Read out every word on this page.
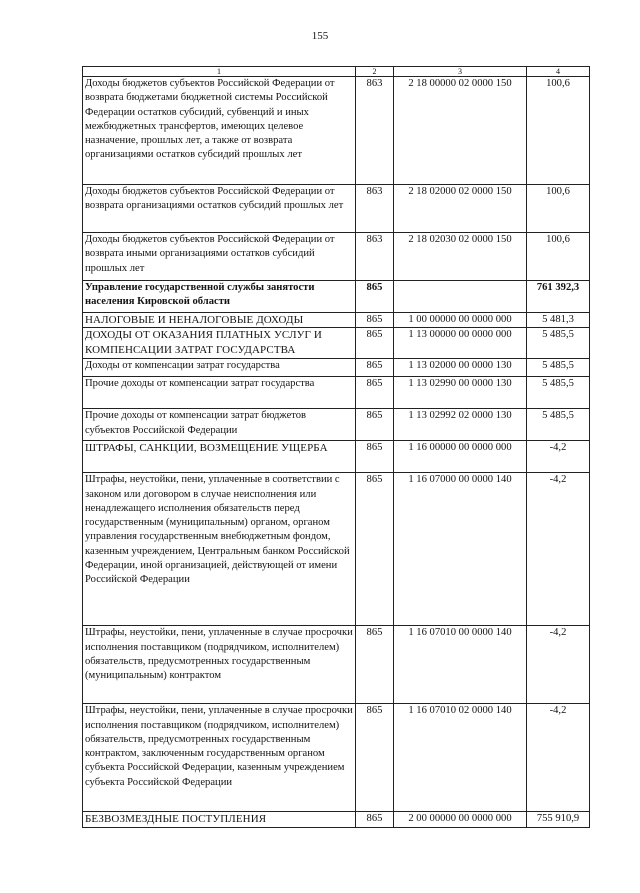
155
1	2	3	4
Доходы бюджетов субъектов Российской Федерации от возврата бюджетами бюджетной системы Российской Федерации остатков субсидий, субвенций и иных межбюджетных трансфертов, имеющих целевое назначение, прошлых лет, а также от возврата организациями остатков субсидий прошлых лет	863	2 18 00000 02 0000 150	100,6
Доходы бюджетов субъектов Российской Федерации от возврата организациями остатков субсидий прошлых лет	863	2 18 02000 02 0000 150	100,6
Доходы бюджетов субъектов Российской Федерации от возврата иными организациями остатков субсидий прошлых лет	863	2 18 02030 02 0000 150	100,6
Управление государственной службы занятости населения Кировской области	865		761 392,3
НАЛОГОВЫЕ И НЕНАЛОГОВЫЕ ДОХОДЫ	865	1 00 00000 00 0000 000	5 481,3
ДОХОДЫ ОТ ОКАЗАНИЯ ПЛАТНЫХ УСЛУГ И КОМПЕНСАЦИИ ЗАТРАТ ГОСУДАРСТВА	865	1 13 00000 00 0000 000	5 485,5
Доходы от компенсации затрат государства	865	1 13 02000 00 0000 130	5 485,5
Прочие доходы от компенсации затрат государства	865	1 13 02990 00 0000 130	5 485,5
Прочие доходы от компенсации затрат бюджетов субъектов Российской Федерации	865	1 13 02992 02 0000 130	5 485,5
ШТРАФЫ, САНКЦИИ, ВОЗМЕЩЕНИЕ УЩЕРБА	865	1 16 00000 00 0000 000	-4,2
Штрафы, неустойки, пени, уплаченные в соответствии с законом или договором в случае неисполнения или ненадлежащего исполнения обязательств перед государственным (муниципальным) органом, органом управления государственным внебюджетным фондом, казенным учреждением, Центральным банком Российской Федерации, иной организацией, действующей от имени Российской Федерации	865	1 16 07000 00 0000 140	-4,2
Штрафы, неустойки, пени, уплаченные в случае просрочки исполнения поставщиком (подрядчиком, исполнителем) обязательств, предусмотренных государственным (муниципальным) контрактом	865	1 16 07010 00 0000 140	-4,2
Штрафы, неустойки, пени, уплаченные в случае просрочки исполнения поставщиком (подрядчиком, исполнителем) обязательств, предусмотренных государственным контрактом, заключенным государственным органом субъекта Российской Федерации, казенным учреждением субъекта Российской Федерации	865	1 16 07010 02 0000 140	-4,2
БЕЗВОЗМЕЗДНЫЕ ПОСТУПЛЕНИЯ	865	2 00 00000 00 0000 000	755 910,9
